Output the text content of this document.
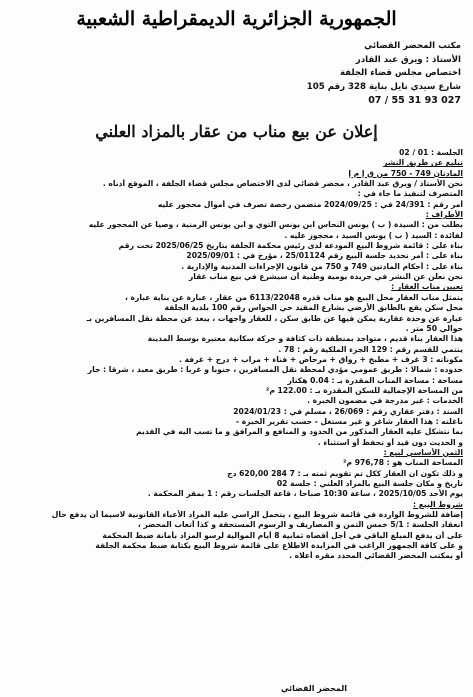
الجمهورية الجزائرية الديمقراطية الشعبية
مكتب المحضر القضائي
الأستاذ : ويرق عبد القادر
اختصاص مجلس قضاء الجلفة
شارع سيدي نايل بناية 328 رقم 105
027 93 31 55 / 07
إعلان عن بيع مناب من عقار بالمزاد العلني
الجلسة : 01 / 02
تبليغ عن طريق النشر
المادتان 749 - 750 من ق إ م إ
نحن الأستاذ / ويرق عبد القادر ، محضر قضائي لدى الاختصاص مجلس قضاء الجلفة ، الموقع أدناه .
المتصرف لتنفيذ ما جاء في :
أمر رقم : 24/391 في : 2024/09/25 متضمن رخصة تصرف في أموال محجور عليه
الأطراف :
بطلب من : السيدة ( ب ) يونس النحاس ابن يونس التوي و ابن يونس الرمنية ، وصيا عن المحجور عليه
لفائدة : السيد ( ب ) يونس السيد ، محجوز عليه .
بناء على : قائمة شروط البيع المودعة لدى رئيس محكمة الجلفة بتاريخ 2025/06/25 تحت رقم
بناء على : أمر تحديد جلسة البيع رقم 25/01124 ، مؤرخ في : 2025/09/01
بناء على : أحكام المادتين 749 و 750 من قانون الإجراءات المدنية والإدارية .
نحن نعلن عن النشر في جريدة يومية وطنية أن سيشرع في بيع مناب عقار
تعيين مناب العقار :
يتمثل مناب العقار محل البيع هو مناب قدره 6113/22048 من عقار ، عبارة عن بناية عبارة ،
محل سكن يقع بالطابق الأرضي بشارع المقيد حي الحواس رقم 100 بلدية الجلفة
عبارة عن وحدة عقارية يمكن فيها عن طابق سكن ، للعقار واجهات ، يبعد عن محطة نقل المسافرين بـ
حوالي 50 متر .
هذا العقار بناء قديم ، متواجد بمنطقة ذات كثافة و حركة سكانية معتبرة بوسط المدينة
ينتمي للقسم رقم : 129 الجزء الملكية رقم : 78 .
مكوناته : 3 غرف + مطبخ + رواق + مرحاض + فناء + مراب + درج + غرفة .
حدوده : شمالا : طريق عمومي مؤدي لمحطة نقل المسافرين ، جنوبا و غربا : طريق معبد ، شرقا : جار
مساحة : مساحة المناب المقدرة بـ : 0.04 هكتار
من المساحة الإجمالية للسكن المقدرة بـ : 122.00 م²
الخدمات : غير مدرجة في مضمون الخبرة .
السند : دفتر عقاري رقم : 26/069 ، مسلم في : 2024/01/23
ناغلته : هذا العقار شاغر و غير مستغل - حسب تقرير الخبرة -
بما نتشكل عليه العقار المذكور من الحدود و المنافع و المرافق و ما تسب اليه في القديم
و الحديث دون قيد أو تحفظ أو استثناء .
الثمن الأساسي لبيع :
المساحة المناب هو : 976,78 م²
و ذلك تكون ان العقار ككل تم تقويم ثمنه بـ : 7 284 620,00 دج
تاريخ و مكان جلسة البيع بالمزاد العلني : جلسة 02
يوم الأحد 2025/10/05 ، ساعة 10:30 صباحا ، قاعة الجلسات رقم : 1 بمقر المحكمة .
شروط البيع :
إضافة للشروط الواردة في قائمة شروط البيع ، يتحمل الراسي عليه المزاد الأعباء القانونية لاسيما أن يدفع حال
انعقاد الجلسة : 5/1 خمس الثمن و المصاريف و الرسوم المستحقة و كذا أتعاب المحضر ،
على أن يدفع المبلغ الباقي في أجل أقصاه ثمانية 8 أيام الموالية لرسو المزاد بأمانة ضبط المحكمة
و على كافة الجمهور الراغب في المزايدة الاطلاع على قائمة شروط البيع بكتابة ضبط محكمة الجلفة
أو بمكتب المحضر القضائي المحدد مقره أعلاه .
المحضر القضائي
